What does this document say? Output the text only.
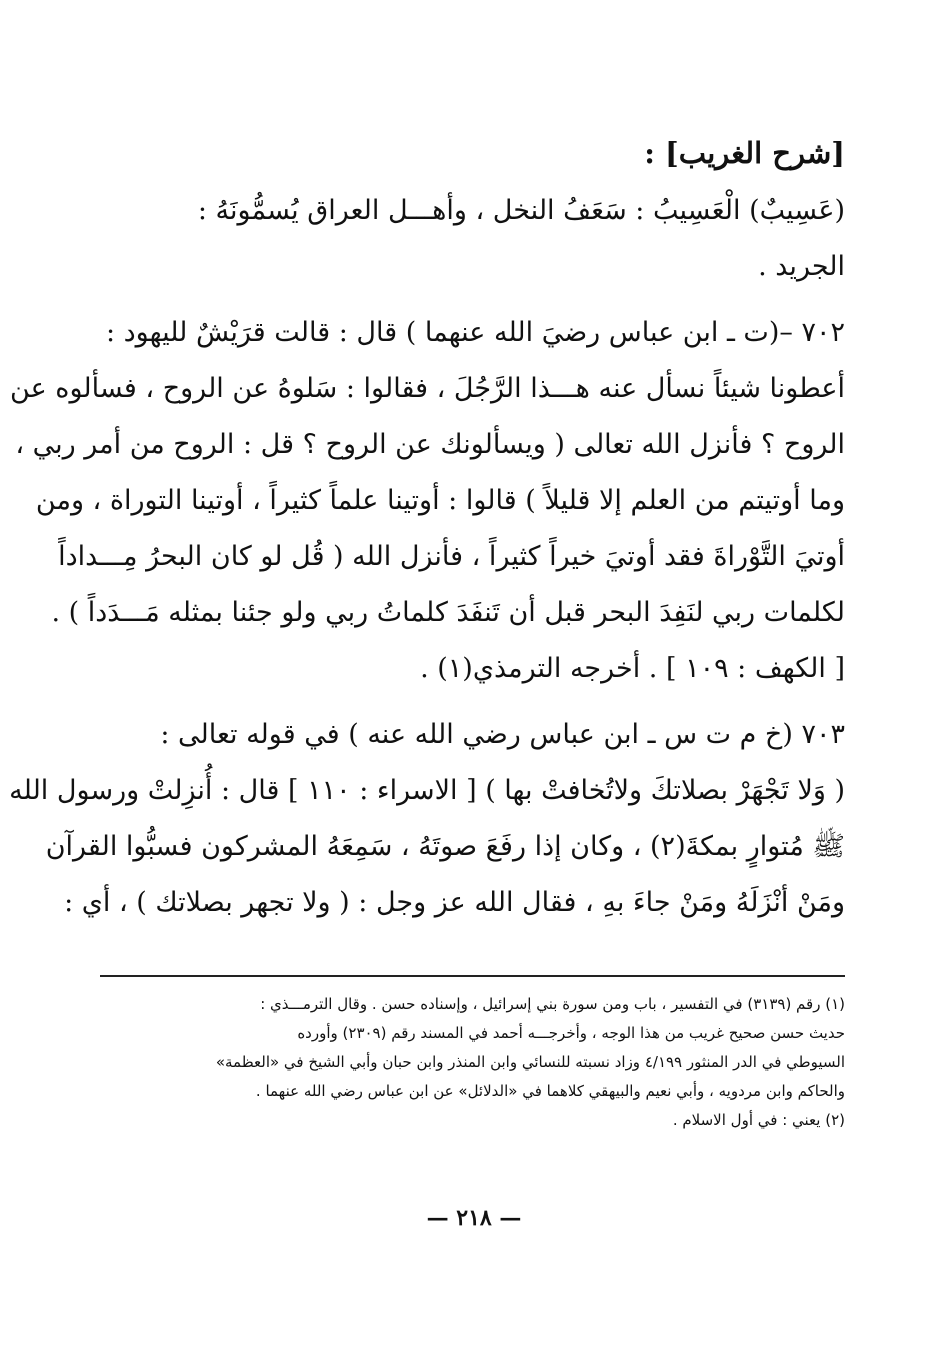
[شرح الغريب] :
(عَسِيبٌ) الْعَسِيبُ : سَعَفُ النخل ، وأهـــل العراق يُسمُّونَهُ :
الجريد .
٧٠٢ –(ت ـ ابن عباس رضيَ الله عنهما ) قال : قالت قرَيْشٌ لليهود :
أعطونا شيئاً نسأل عنه هـــذا الرَّجُلَ ، فقالوا : سَلوهُ عن الروح ، فسألوه عن
الروح ؟ فأنزل الله تعالى ( ويسألونك عن الروح ؟ قل : الروح من أمر ربي ،
وما أوتيتم من العلم إلا قليلاً ) قالوا : أوتينا علماً كثيراً ، أوتينا التوراة ، ومن
أوتيَ التَّوْراةَ فقد أوتيَ خيراً كثيراً ، فأنزل الله ( قُل لو كان البحرُ مِـــداداً
لكلمات ربي لنَفِدَ البحر قبل أن تَنفَدَ كلماتُ ربي ولو جئنا بمثله مَـــدَداً ) .
[ الكهف : ١٠٩ ] . أخرجه الترمذي(١) .
٧٠٣ (خ م ت س ـ ابن عباس رضي الله عنه ) في قوله تعالى :
( وَلا تَجْهَرْ بصلاتكَ ولاتُخافتْ بها ) [ الاسراء : ١١٠ ] قال : أُنزِلتْ ورسول الله
ﷺ مُتوارٍ بمكةَ(٢) ، وكان إذا رفَعَ صوتَهُ ، سَمِعَهُ المشركون فسبُّوا القرآن
ومَنْ أنْزَلَهُ ومَنْ جاءَ بهِ ، فقال الله عز وجل : ( ولا تجهر بصلاتك ) ، أي :
(١) رقم (٣١٣٩) في التفسير ، باب ومن سورة بني إسرائيل ، وإسناده حسن . وقال الترمـــذي :
حديث حسن صحيح غريب من هذا الوجه ، وأخرجـــه أحمد في المسند رقم (٢٣٠٩) وأورده
السيوطي في الدر المنثور ٤/١٩٩ وزاد نسبته للنسائي وابن المنذر وابن حبان وأبي الشيخ في «العظمة»
والحاكم وابن مردويه ، وأبي نعيم والبيهقي كلاهما في «الدلائل» عن ابن عباس رضي الله عنهما .
(٢) يعني : في أول الاسلام .
— ٢١٨ —
